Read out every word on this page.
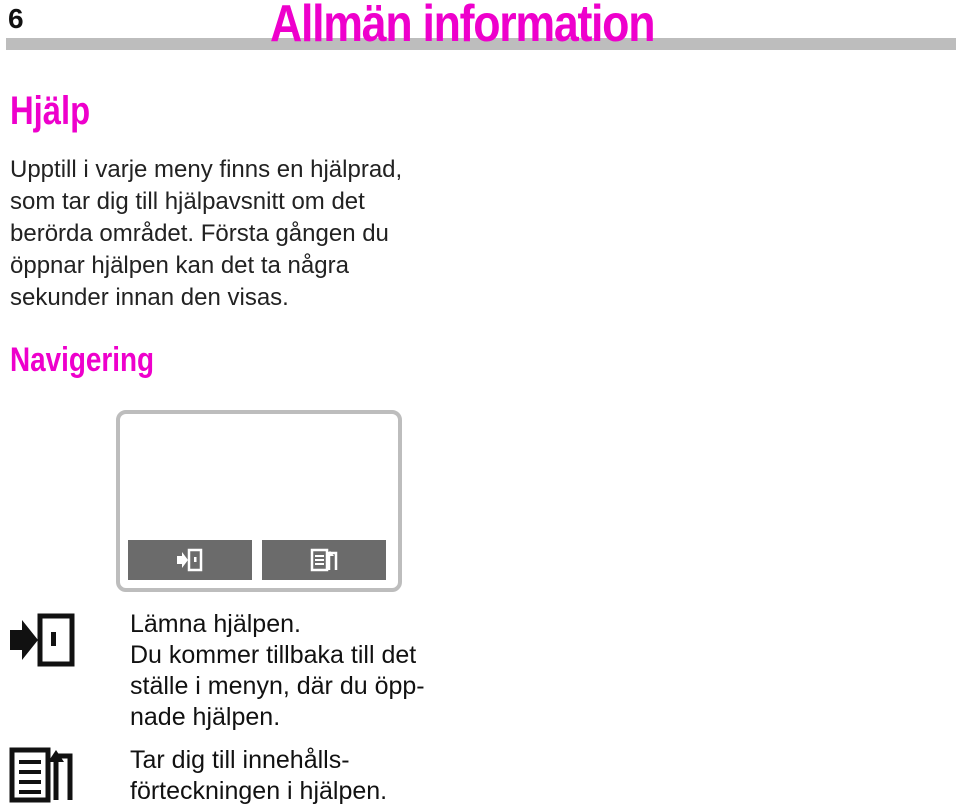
6	Allmän information
Hjälp
Upptill i varje meny finns en hjälprad,
som tar dig till hjälpavsnitt om det
berörda området. Första gången du
öppnar hjälpen kan det ta några
sekunder innan den visas.
Navigering
Lämna hjälpen.
Du kommer tillbaka till det
ställe i menyn, där du öpp-
nade hjälpen.
Tar dig till innehålls-
förteckningen i hjälpen.
